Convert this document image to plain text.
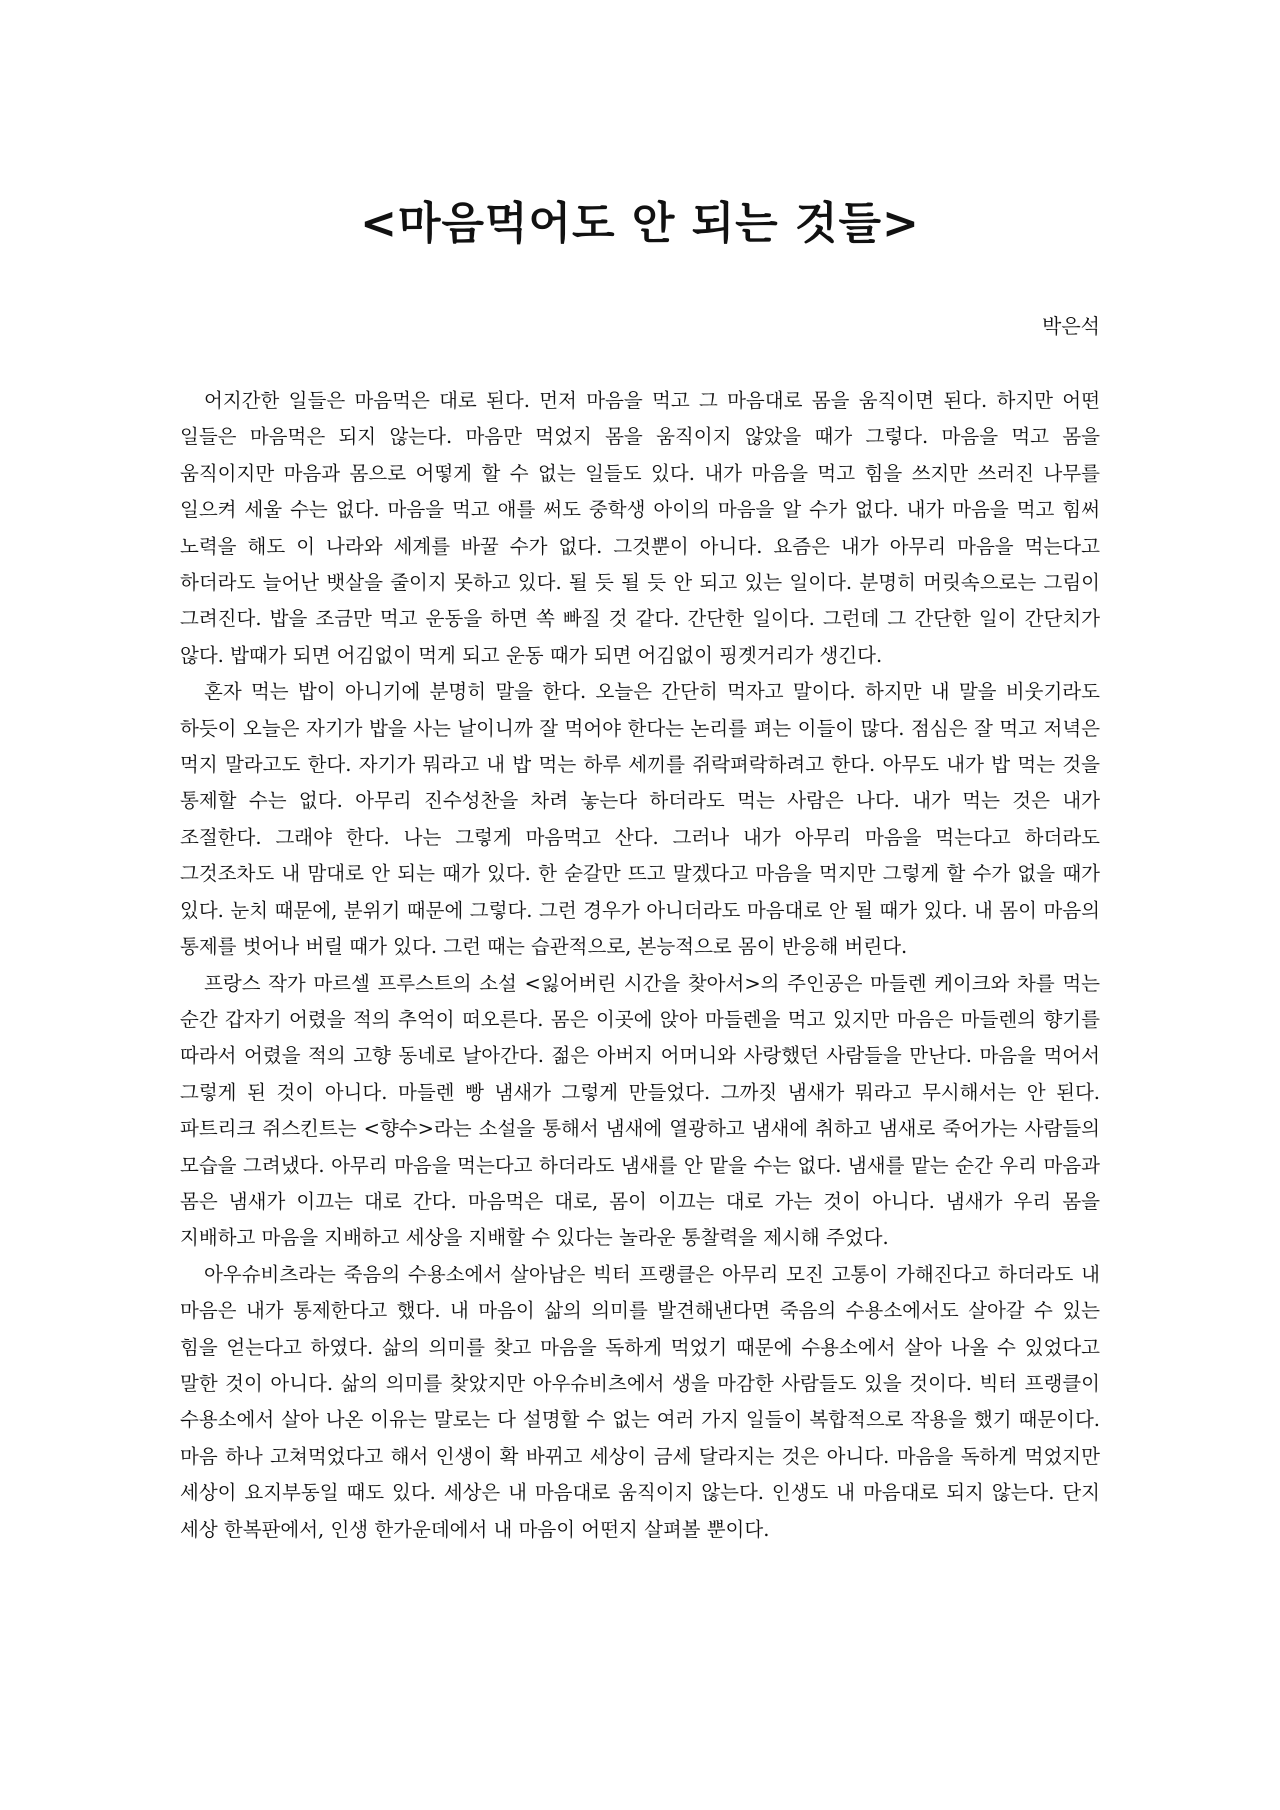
<마음먹어도 안 되는 것들>
박은석

어지간한 일들은 마음먹은 대로 된다. 먼저 마음을 먹고 그 마음대로 몸을 움직이면 된다. 하지만 어떤 일들은 마음먹은 되지 않는다. 마음만 먹었지 몸을 움직이지 않았을 때가 그렇다. 마음을 먹고 몸을 움직이지만 마음과 몸으로 어떻게 할 수 없는 일들도 있다. 내가 마음을 먹고 힘을 쓰지만 쓰러진 나무를 일으켜 세울 수는 없다. 마음을 먹고 애를 써도 중학생 아이의 마음을 알 수가 없다. 내가 마음을 먹고 힘써 노력을 해도 이 나라와 세계를 바꿀 수가 없다. 그것뿐이 아니다. 요즘은 내가 아무리 마음을 먹는다고 하더라도 늘어난 뱃살을 줄이지 못하고 있다. 될 듯 될 듯 안 되고 있는 일이다. 분명히 머릿속으로는 그림이 그려진다. 밥을 조금만 먹고 운동을 하면 쏙 빠질 것 같다. 간단한 일이다. 그런데 그 간단한 일이 간단치가 않다. 밥때가 되면 어김없이 먹게 되고 운동 때가 되면 어김없이 핑곗거리가 생긴다.

혼자 먹는 밥이 아니기에 분명히 말을 한다. 오늘은 간단히 먹자고 말이다. 하지만 내 말을 비웃기라도 하듯이 오늘은 자기가 밥을 사는 날이니까 잘 먹어야 한다는 논리를 펴는 이들이 많다. 점심은 잘 먹고 저녁은 먹지 말라고도 한다. 자기가 뭐라고 내 밥 먹는 하루 세끼를 쥐락펴락하려고 한다. 아무도 내가 밥 먹는 것을 통제할 수는 없다. 아무리 진수성찬을 차려 놓는다 하더라도 먹는 사람은 나다. 내가 먹는 것은 내가 조절한다. 그래야 한다. 나는 그렇게 마음먹고 산다. 그러나 내가 아무리 마음을 먹는다고 하더라도 그것조차도 내 맘대로 안 되는 때가 있다. 한 숟갈만 뜨고 말겠다고 마음을 먹지만 그렇게 할 수가 없을 때가 있다. 눈치 때문에, 분위기 때문에 그렇다. 그런 경우가 아니더라도 마음대로 안 될 때가 있다. 내 몸이 마음의 통제를 벗어나 버릴 때가 있다. 그런 때는 습관적으로, 본능적으로 몸이 반응해 버린다.

프랑스 작가 마르셀 프루스트의 소설 <잃어버린 시간을 찾아서>의 주인공은 마들렌 케이크와 차를 먹는 순간 갑자기 어렸을 적의 추억이 떠오른다. 몸은 이곳에 앉아 마들렌을 먹고 있지만 마음은 마들렌의 향기를 따라서 어렸을 적의 고향 동네로 날아간다. 젊은 아버지 어머니와 사랑했던 사람들을 만난다. 마음을 먹어서 그렇게 된 것이 아니다. 마들렌 빵 냄새가 그렇게 만들었다. 그까짓 냄새가 뭐라고 무시해서는 안 된다. 파트리크 쥐스킨트는 <향수>라는 소설을 통해서 냄새에 열광하고 냄새에 취하고 냄새로 죽어가는 사람들의 모습을 그려냈다. 아무리 마음을 먹는다고 하더라도 냄새를 안 맡을 수는 없다. 냄새를 맡는 순간 우리 마음과 몸은 냄새가 이끄는 대로 간다. 마음먹은 대로, 몸이 이끄는 대로 가는 것이 아니다. 냄새가 우리 몸을 지배하고 마음을 지배하고 세상을 지배할 수 있다는 놀라운 통찰력을 제시해 주었다.

아우슈비츠라는 죽음의 수용소에서 살아남은 빅터 프랭클은 아무리 모진 고통이 가해진다고 하더라도 내 마음은 내가 통제한다고 했다. 내 마음이 삶의 의미를 발견해낸다면 죽음의 수용소에서도 살아갈 수 있는 힘을 얻는다고 하였다. 삶의 의미를 찾고 마음을 독하게 먹었기 때문에 수용소에서 살아 나올 수 있었다고 말한 것이 아니다. 삶의 의미를 찾았지만 아우슈비츠에서 생을 마감한 사람들도 있을 것이다. 빅터 프랭클이 수용소에서 살아 나온 이유는 말로는 다 설명할 수 없는 여러 가지 일들이 복합적으로 작용을 했기 때문이다. 마음 하나 고쳐먹었다고 해서 인생이 확 바뀌고 세상이 금세 달라지는 것은 아니다. 마음을 독하게 먹었지만 세상이 요지부동일 때도 있다. 세상은 내 마음대로 움직이지 않는다. 인생도 내 마음대로 되지 않는다. 단지 세상 한복판에서, 인생 한가운데에서 내 마음이 어떤지 살펴볼 뿐이다.
